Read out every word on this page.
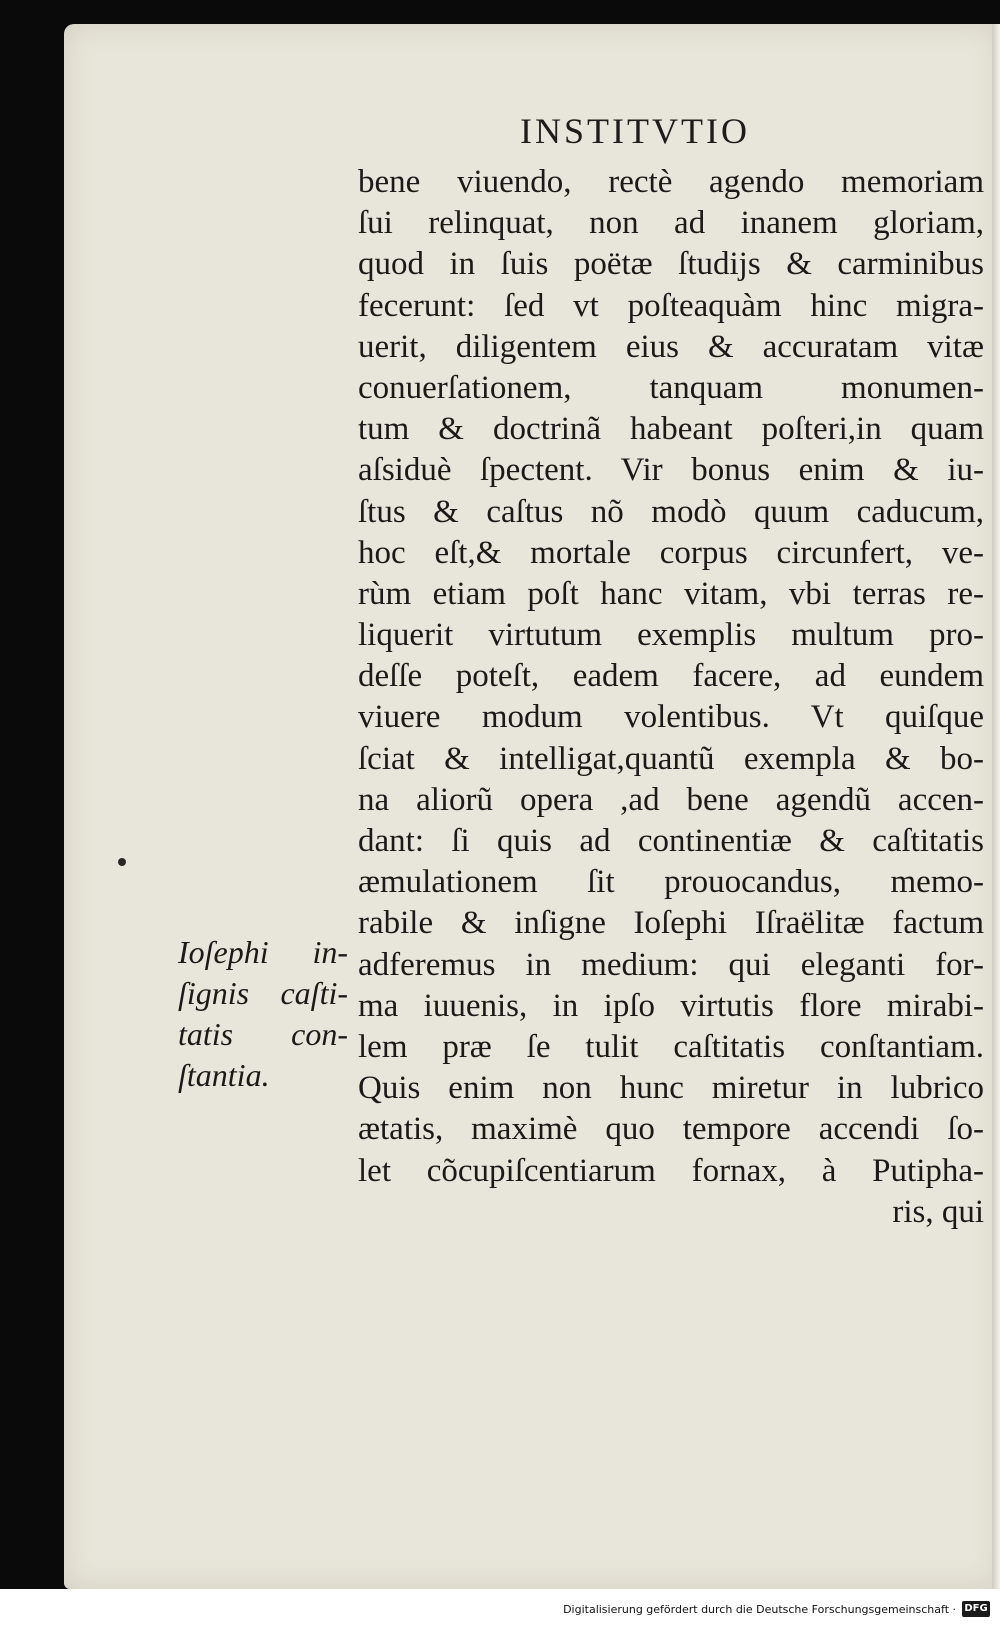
INSTITVTIO
bene viuendo, rectè agendo memoriam
ſui relinquat, non ad inanem gloriam,
quod in ſuis poëtæ ſtudijs & carminibus
fecerunt: ſed vt poſteaquàm hinc migra-
uerit, diligentem eius & accuratam vitæ
conuerſationem, tanquam monumen-
tum & doctrinã habeant poſteri,in quam
aſsiduè ſpectent. Vir bonus enim & iu-
ſtus & caſtus nõ modò quum caducum,
hoc eſt,& mortale corpus circunfert, ve-
rùm etiam poſt hanc vitam, vbi terras re-
liquerit virtutum exemplis multum pro-
deſſe poteſt, eadem facere, ad eundem
viuere modum volentibus. Vt quiſque
ſciat & intelligat,quantũ exempla & bo-
na aliorũ opera ,ad bene agendũ accen-
dant: ſi quis ad continentiæ & caſtitatis
æmulationem ſit prouocandus, memo-
rabile & inſigne Ioſephi Iſraëlitæ factum
adferemus in medium: qui eleganti for-
ma iuuenis, in ipſo virtutis flore mirabi-
lem præ ſe tulit caſtitatis conſtantiam.
Quis enim non hunc miretur in lubrico
ætatis, maximè quo tempore accendi ſo-
let cõcupiſcentiarum fornax, à Putipha-
ris, qui
Ioſephi in-
ſignis caſti-
tatis con-
ſtantia.
Digitalisierung gefördert durch die Deutsche Forschungsgemeinschaft · DFG
